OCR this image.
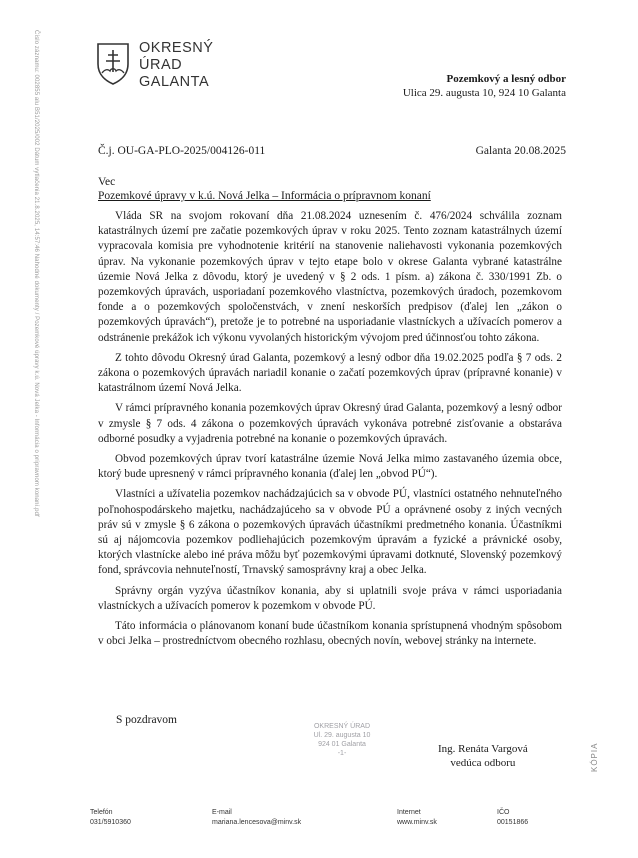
Číslo záznamu: 002855 alu B51/2025/002 Dátum vytlačenia 21.8.2025, 14:57:46 Nahodné dokumenty / Pozemkové úpravy k.ú. Nová Jelka - Informácia o prípravnom konaní.pdf	OKRESNÝ
ÚRAD
GALANTA	Pozemkový a lesný odbor
Ulica 29. augusta 10, 924 10 Galanta
Č.j. OU-GA-PLO-2025/004126-011	Galanta 20.08.2025
Vec
Pozemkové úpravy v k.ú. Nová Jelka – Informácia o prípravnom konaní

Vláda SR na svojom rokovaní dňa 21.08.2024 uznesením č. 476/2024 schválila zoznam katastrálnych území pre začatie pozemkových úprav v roku 2025. Tento zoznam katastrálnych území vypracovala komisia pre vyhodnotenie kritérií na stanovenie naliehavosti vykonania pozemkových úprav. Na vykonanie pozemkových úprav v tejto etape bolo v okrese Galanta vybrané katastrálne územie Nová Jelka z dôvodu, ktorý je uvedený v § 2 ods. 1 písm. a) zákona č. 330/1991 Zb. o pozemkových úpravách, usporiadaní pozemkového vlastníctva, pozemkových úradoch, pozemkovom fonde a o pozemkových spoločenstvách, v znení neskorších predpisov (ďalej len „zákon o pozemkových úpravách“), pretože je to potrebné na usporiadanie vlastníckych a užívacích pomerov a odstránenie prekážok ich výkonu vyvolaných historickým vývojom pred účinnosťou tohto zákona.

Z tohto dôvodu Okresný úrad Galanta, pozemkový a lesný odbor dňa 19.02.2025 podľa § 7 ods. 2 zákona o pozemkových úpravách nariadil konanie o začatí pozemkových úprav (prípravné konanie) v katastrálnom území Nová Jelka.

V rámci prípravného konania pozemkových úprav Okresný úrad Galanta, pozemkový a lesný odbor v zmysle § 7 ods. 4 zákona o pozemkových úpravách vykonáva potrebné zisťovanie a obstaráva odborné posudky a vyjadrenia potrebné na konanie o pozemkových úpravách.

Obvod pozemkových úprav tvorí katastrálne územie Nová Jelka mimo zastavaného územia obce, ktorý bude upresnený v rámci prípravného konania (ďalej len „obvod PÚ“).

Vlastníci a užívatelia pozemkov nachádzajúcich sa v obvode PÚ, vlastníci ostatného nehnuteľného poľnohospodárskeho majetku, nachádzajúceho sa v obvode PÚ a oprávnené osoby z iných vecných práv sú v zmysle § 6 zákona o pozemkových úpravách účastníkmi predmetného konania. Účastníkmi sú aj nájomcovia pozemkov podliehajúcich pozemkovým úpravám a fyzické a právnické osoby, ktorých vlastnícke alebo iné práva môžu byť pozemkovými úpravami dotknuté, Slovenský pozemkový fond, správcovia nehnuteľností, Trnavský samosprávny kraj a obec Jelka.

Správny orgán vyzýva účastníkov konania, aby si uplatnili svoje práva v rámci usporiadania vlastníckych a užívacích pomerov k pozemkom v obvode PÚ.

Táto informácia o plánovanom konaní bude účastníkom konania sprístupnená vhodným spôsobom v obci Jelka – prostredníctvom obecného rozhlasu, obecných novín, webovej stránky na internete.

S pozdravom
OKRESNÝ ÚRAD
Ul. 29. augusta 10
924 01 Galanta
-1-	Ing. Renáta Vargová
vedúca odboru
Telefón
031/5910360
E-mail
mariana.lencesova@minv.sk
Internet
www.minv.sk
IČO
00151866
KÓPIA
